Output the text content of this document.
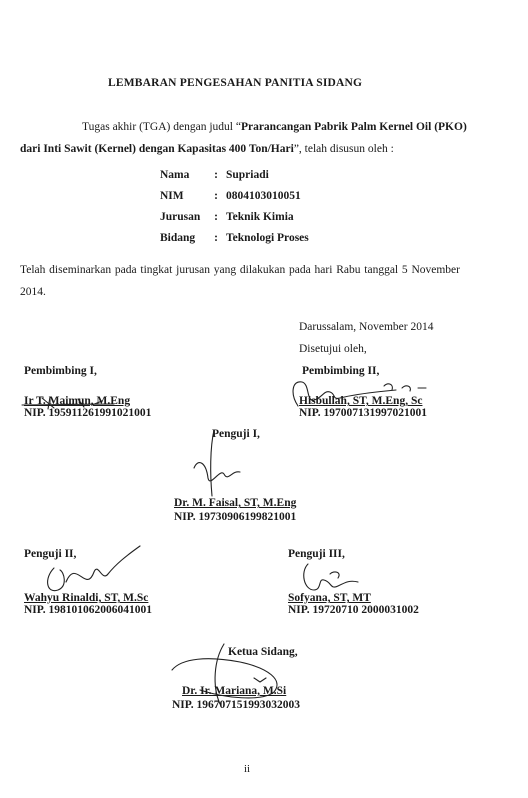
LEMBARAN PENGESAHAN PANITIA SIDANG
Tugas akhir (TGA) dengan judul “Prarancangan Pabrik Palm Kernel Oil (PKO) dari Inti Sawit (Kernel) dengan Kapasitas 400 Ton/Hari”, telah disusun oleh :
Nama	:	Supriadi
NIM	:	0804103010051
Jurusan	:	Teknik Kimia
Bidang	:	Teknologi Proses
Telah diseminarkan pada tingkat jurusan yang dilakukan pada hari Rabu tanggal 5 November 2014.
Darussalam, November 2014
Disetujui oleh,
Pembimbing I,
Ir T. Maimun, M.Eng
NIP. 195911261991021001
Pembimbing II,
Hisbullah, ST, M.Eng, Sc
NIP. 197007131997021001
Penguji I,
Dr. M. Faisal, ST, M.Eng
NIP. 19730906199821001
Penguji II,
Wahyu Rinaldi, ST, M.Sc
NIP. 198101062006041001
Penguji III,
Sofyana, ST, MT
NIP. 19720710 2000031002
Ketua Sidang,
Dr. Ir. Mariana, M.Si
NIP. 196707151993032003
ii
